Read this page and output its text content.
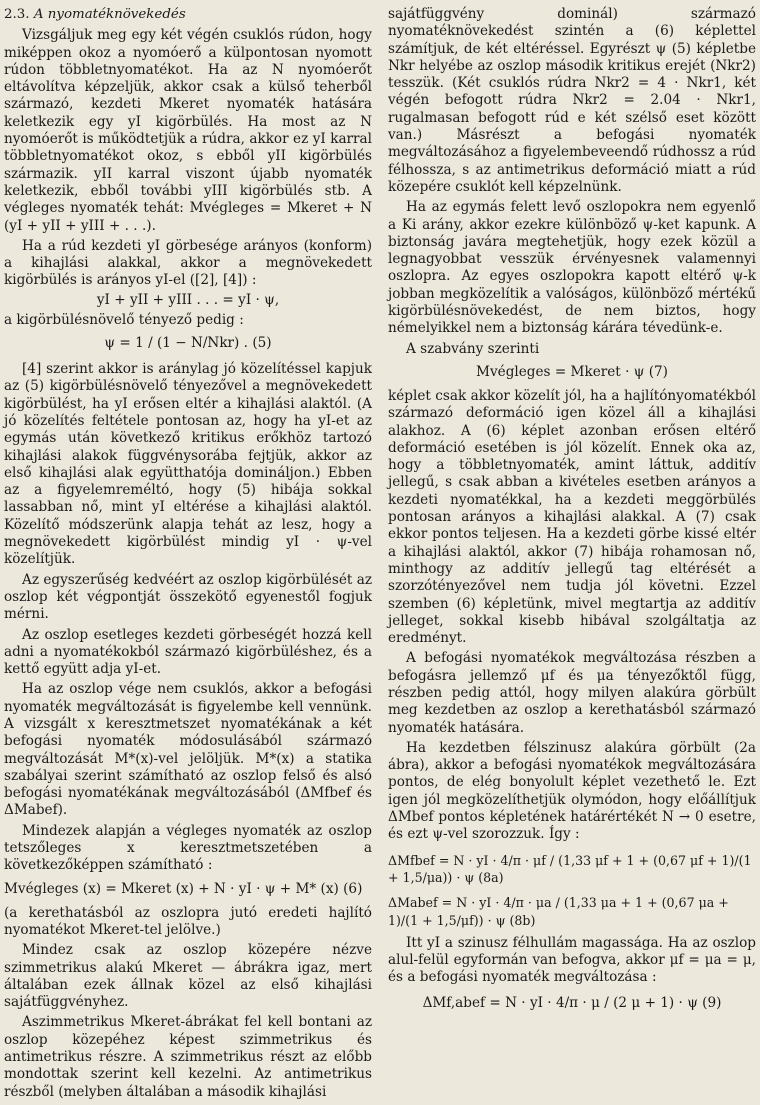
2.3. A nyomatéknövekedés

Vizsgáljuk meg egy két végén csuklós rúdon, hogy miképpen okoz a nyomóerő a külpontosan nyomott rúdon többletnyomatékot. Ha az N nyomóerőt eltávolítva képzeljük, akkor csak a külső teherből származó, kezdeti Mkeret nyomaték hatására keletkezik egy yI kigörbülés. Ha most az N nyomóerőt is működtetjük a rúdra, akkor ez yI karral többletnyomatékot okoz, s ebből yII kigörbülés származik. yII karral viszont újabb nyomaték keletkezik, ebből további yIII kigörbülés stb. A végleges nyomaték tehát: Mvégleges = Mkeret + N (yI + yII + yIII + . . .).

Ha a rúd kezdeti yI görbesége arányos (konform) a kihajlási alakkal, akkor a megnövekedett kigörbülés is arányos yI-el ([2], [4]) :

yI + yII + yIII . . . = yI · ψ,

a kigörbülésnövelő tényező pedig :

ψ = 1 / (1 − N/Nkr) . (5)

[4] szerint akkor is aránylag jó közelítéssel kapjuk az (5) kigörbülésnövelő tényezővel a megnövekedett kigörbülést, ha yI erősen eltér a kihajlási alaktól. (A jó közelítés feltétele pontosan az, hogy ha yI-et az egymás után következő kritikus erőkhöz tartozó kihajlási alakok függvénysorába fejtjük, akkor az első kihajlási alak együtthatója domináljon.) Ebben az a figyelemreméltó, hogy (5) hibája sokkal lassabban nő, mint yI eltérése a kihajlási alaktól. Közelítő módszerünk alapja tehát az lesz, hogy a megnövekedett kigörbülést mindig yI · ψ-vel közelítjük.

Az egyszerűség kedvéért az oszlop kigörbülését az oszlop két végpontját összekötő egyenestől fogjuk mérni.

Az oszlop esetleges kezdeti görbeségét hozzá kell adni a nyomatékokból származó kigörbüléshez, és a kettő együtt adja yI-et.

Ha az oszlop vége nem csuklós, akkor a befogási nyomaték megváltozását is figyelembe kell vennünk. A vizsgált x keresztmetszet nyomatékának a két befogási nyomaték módosulásából származó megváltozását M*(x)-vel jelöljük. M*(x) a statika szabályai szerint számítható az oszlop felső és alsó befogási nyomatékának megváltozásából (ΔMfbef és ΔMabef).

Mindezek alapján a végleges nyomaték az oszlop tetszőleges x keresztmetszetében a következőképpen számítható :

Mvégleges (x) = Mkeret (x) + N · yI · ψ + M* (x) (6)

(a kerethatásból az oszlopra jutó eredeti hajlító nyomatékot Mkeret-tel jelölve.)

Mindez csak az oszlop közepére nézve szimmetrikus alakú Mkeret — ábrákra igaz, mert általában ezek állnak közel az első kihajlási sajátfüggvényhez.

Aszimmetrikus Mkeret-ábrákat fel kell bontani az oszlop közepéhez képest szimmetrikus és antimetrikus részre. A szimmetrikus részt az előbb mondottak szerint kell kezelni. Az antimetrikus részből (melyben általában a második kihajlási

sajátfüggvény dominál) származó nyomatéknövekedést szintén a (6) képlettel számítjuk, de két eltéréssel. Egyrészt ψ (5) képletbe Nkr helyébe az oszlop második kritikus erejét (Nkr2) tesszük. (Két csuklós rúdra Nkr2 = 4 · Nkr1, két végén befogott rúdra Nkr2 = 2.04 · Nkr1, rugalmasan befogott rúd e két szélső eset között van.) Másrészt a befogási nyomaték megváltozásához a figyelembeveendő rúdhossz a rúd félhossza, s az antimetrikus deformáció miatt a rúd közepére csuklót kell képzelnünk.

Ha az egymás felett levő oszlopokra nem egyenlő a Ki arány, akkor ezekre különböző ψ-ket kapunk. A biztonság javára megtehetjük, hogy ezek közül a legnagyobbat vesszük érvényesnek valamennyi oszlopra. Az egyes oszlopokra kapott eltérő ψ-k jobban megközelítik a valóságos, különböző mértékű kigörbülésnövekedést, de nem biztos, hogy némelyikkel nem a biztonság kárára tévedünk-e.

A szabvány szerinti

Mvégleges = Mkeret · ψ (7)

képlet csak akkor közelít jól, ha a hajlítónyomatékból származó deformáció igen közel áll a kihajlási alakhoz. A (6) képlet azonban erősen eltérő deformáció esetében is jól közelít. Ennek oka az, hogy a többletnyomaték, amint láttuk, additív jellegű, s csak abban a kivételes esetben arányos a kezdeti nyomatékkal, ha a kezdeti meggörbülés pontosan arányos a kihajlási alakkal. A (7) csak ekkor pontos teljesen. Ha a kezdeti görbe kissé eltér a kihajlási alaktól, akkor (7) hibája rohamosan nő, minthogy az additív jellegű tag eltérését a szorzótényezővel nem tudja jól követni. Ezzel szemben (6) képletünk, mivel megtartja az additív jelleget, sokkal kisebb hibával szolgáltatja az eredményt.

A befogási nyomatékok megváltozása részben a befogásra jellemző μf és μa tényezőktől függ, részben pedig attól, hogy milyen alakúra görbült meg kezdetben az oszlop a kerethatásból származó nyomaték hatására.

Ha kezdetben félszinusz alakúra görbült (2a ábra), akkor a befogási nyomatékok megváltozására pontos, de elég bonyolult képlet vezethető le. Ezt igen jól megközelíthetjük olymódon, hogy előállítjuk ΔMbef pontos képletének határértékét N → 0 esetre, és ezt ψ-vel szorozzuk. Így :

ΔMfbef = N · yI · 4/π · μf / (1,33 μf + 1 + (0,67 μf + 1)/(1 + 1,5/μa)) · ψ (8a)
ΔMabef = N · yI · 4/π · μa / (1,33 μa + 1 + (0,67 μa + 1)/(1 + 1,5/μf)) · ψ (8b)

Itt yI a szinusz félhullám magassága. Ha az oszlop alul-felül egyformán van befogva, akkor μf = μa = μ, és a befogási nyomaték megváltozása :

ΔMf,abef = N · yI · 4/π · μ / (2 μ + 1) · ψ (9)
